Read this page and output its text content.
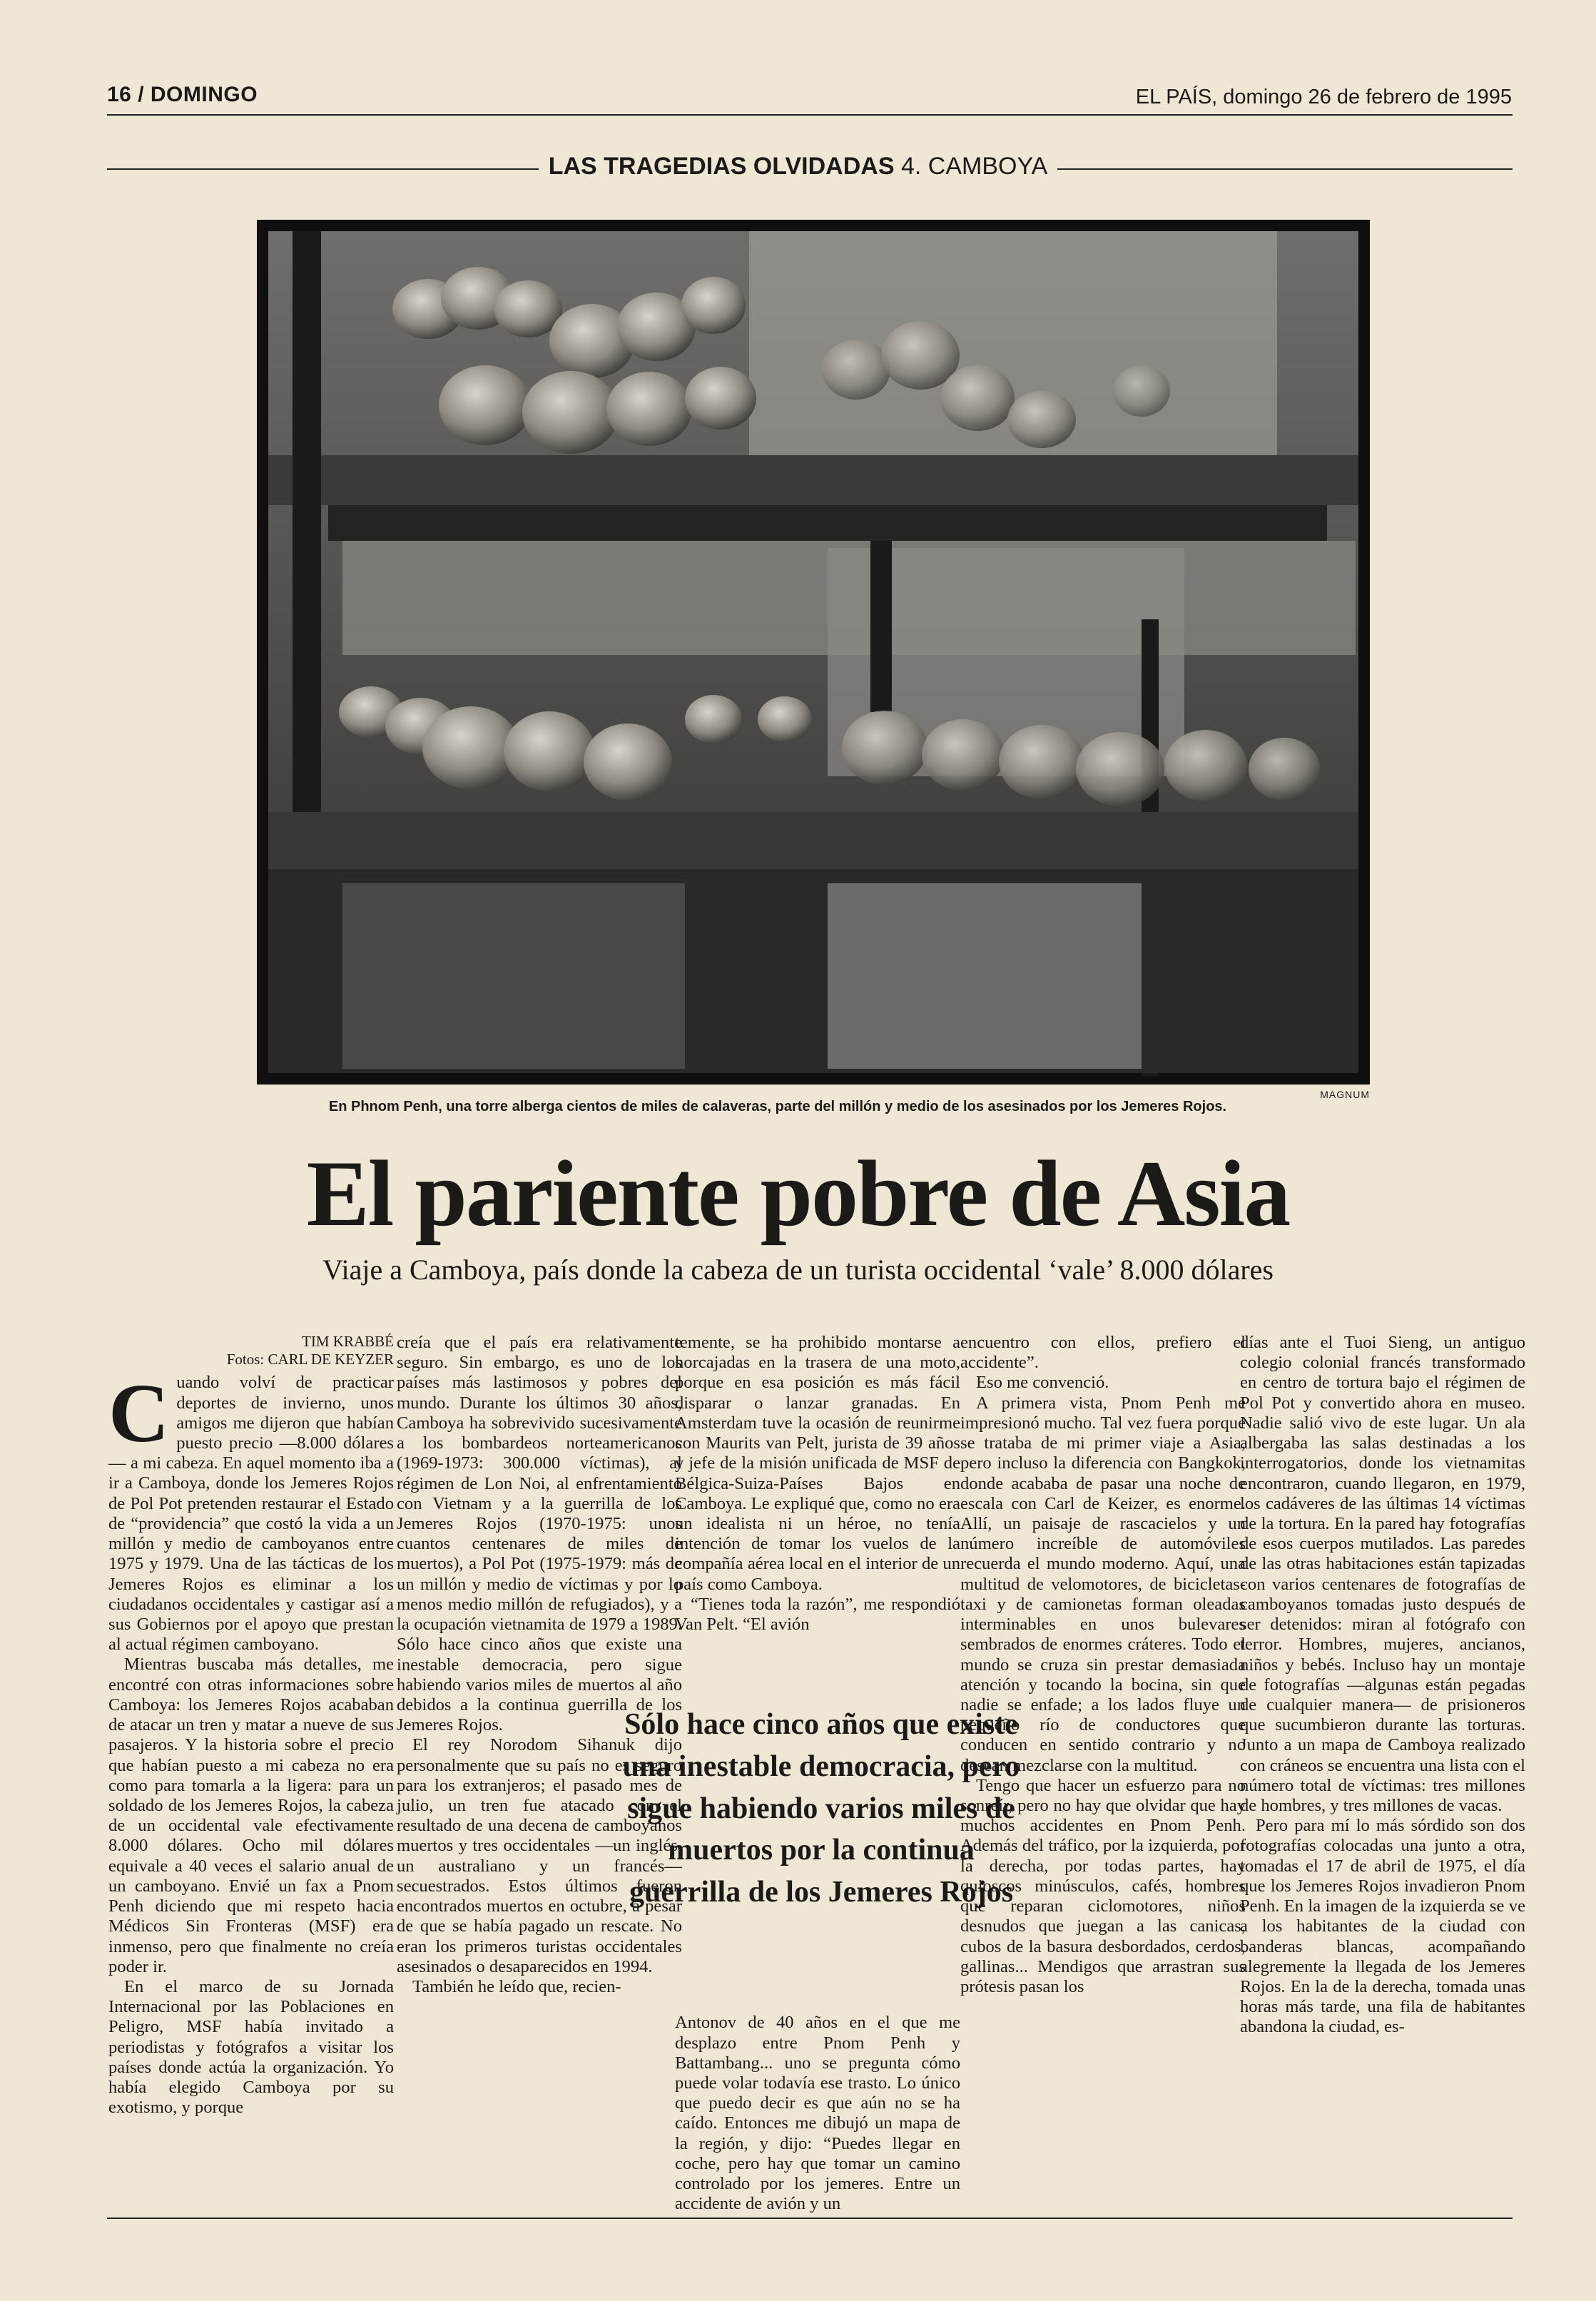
16 / DOMINGO	EL PAÍS, domingo 26 de febrero de 1995
LAS TRAGEDIAS OLVIDADAS 4. CAMBOYA
MAGNUM
En Phnom Penh, una torre alberga cientos de miles de calaveras, parte del millón y medio de los asesinados por los Jemeres Rojos.
El pariente pobre de Asia
Viaje a Camboya, país donde la cabeza de un turista occidental ‘vale’ 8.000 dólares
TIM KRABBÉ
Fotos: CARL DE KEYZER

Cuando volví de practicar deportes de invierno, unos amigos me dijeron que habían puesto precio —8.000 dólares— a mi cabeza. En aquel momento iba a ir a Camboya, donde los Jemeres Rojos de Pol Pot pretenden restaurar el Estado de “providencia” que costó la vida a un millón y medio de camboyanos entre 1975 y 1979. Una de las tácticas de los Jemeres Rojos es eliminar a los ciudadanos occidentales y castigar así a sus Gobiernos por el apoyo que prestan al actual régimen camboyano.

Mientras buscaba más detalles, me encontré con otras informaciones sobre Camboya: los Jemeres Rojos acababan de atacar un tren y matar a nueve de sus pasajeros. Y la historia sobre el precio que habían puesto a mi cabeza no era como para tomarla a la ligera: para un soldado de los Jemeres Rojos, la cabeza de un occidental vale efectivamente 8.000 dólares. Ocho mil dólares equivale a 40 veces el salario anual de un camboyano. Envié un fax a Pnom Penh diciendo que mi respeto hacia Médicos Sin Fronteras (MSF) era inmenso, pero que finalmente no creía poder ir.

En el marco de su Jornada Internacional por las Poblaciones en Peligro, MSF había invitado a periodistas y fotógrafos a visitar los países donde actúa la organización. Yo había elegido Camboya por su exotismo, y porque

creía que el país era relativamente seguro. Sin embargo, es uno de los países más lastimosos y pobres del mundo. Durante los últimos 30 años, Camboya ha sobrevivido sucesivamente a los bombardeos norteamericanos (1969-1973: 300.000 víctimas), al régimen de Lon Noi, al enfrentamiento con Vietnam y a la guerrilla de los Jemeres Rojos (1970-1975: unos cuantos centenares de miles de muertos), a Pol Pot (1975-1979: más de un millón y medio de víctimas y por lo menos medio millón de refugiados), y a la ocupación vietnamita de 1979 a 1989. Sólo hace cinco años que existe una inestable democracia, pero sigue habiendo varios miles de muertos al año debidos a la continua guerrilla de los Jemeres Rojos.

El rey Norodom Sihanuk dijo personalmente que su país no es seguro para los extranjeros; el pasado mes de julio, un tren fue atacado con el resultado de una decena de camboyanos muertos y tres occidentales —un inglés, un australiano y un francés— secuestrados. Estos últimos fueron encontrados muertos en octubre, a pesar de que se había pagado un rescate. No eran los primeros turistas occidentales asesinados o desaparecidos en 1994.

También he leído que, recien-

temente, se ha prohibido montarse a horcajadas en la trasera de una moto, porque en esa posición es más fácil disparar o lanzar granadas. En Amsterdam tuve la ocasión de reunirme con Maurits van Pelt, jurista de 39 años y jefe de la misión unificada de MSF de Bélgica-Suiza-Países Bajos en Camboya. Le expliqué que, como no era un idealista ni un héroe, no tenía intención de tomar los vuelos de la compañía aérea local en el interior de un país como Camboya.

“Tienes toda la razón”, me respondió Van Pelt. “El avión

Antonov de 40 años en el que me desplazo entre Pnom Penh y Battambang... uno se pregunta cómo puede volar todavía ese trasto. Lo único que puedo decir es que aún no se ha caído. Entonces me dibujó un mapa de la región, y dijo: “Puedes llegar en coche, pero hay que tomar un camino controlado por los jemeres. Entre un accidente de avión y un

encuentro con ellos, prefiero el accidente”.

Eso me convenció.

A primera vista, Pnom Penh me impresionó mucho. Tal vez fuera porque se trataba de mi primer viaje a Asia, pero incluso la diferencia con Bangkok, donde acababa de pasar una noche de escala con Carl de Keizer, es enorme. Allí, un paisaje de rascacielos y un número increíble de automóviles recuerda el mundo moderno. Aquí, una multitud de velomotores, de bicicletas-taxi y de camionetas forman oleadas interminables en unos bulevares sembrados de enormes cráteres. Todo el mundo se cruza sin prestar demasiada atención y tocando la bocina, sin que nadie se enfade; a los lados fluye un pequeño río de conductores que conducen en sentido contrario y no desean mezclarse con la multitud.

Tengo que hacer un esfuerzo para no sonreír, pero no hay que olvidar que hay muchos accidentes en Pnom Penh. Además del tráfico, por la izquierda, por la derecha, por todas partes, hay quioscos minúsculos, cafés, hombres que reparan ciclomotores, niños desnudos que juegan a las canicas, cubos de la basura desbordados, cerdos, gallinas... Mendigos que arrastran sus prótesis pasan los

días ante el Tuoi Sieng, un antiguo colegio colonial francés transformado en centro de tortura bajo el régimen de Pol Pot y convertido ahora en museo. Nadie salió vivo de este lugar. Un ala albergaba las salas destinadas a los interrogatorios, donde los vietnamitas encontraron, cuando llegaron, en 1979, los cadáveres de las últimas 14 víctimas de la tortura. En la pared hay fotografías de esos cuerpos mutilados. Las paredes de las otras habitaciones están tapizadas con varios centenares de fotografías de camboyanos tomadas justo después de ser detenidos: miran al fotógrafo con terror. Hombres, mujeres, ancianos, niños y bebés. Incluso hay un montaje de fotografías —algunas están pegadas de cualquier manera— de prisioneros que sucumbieron durante las torturas. Junto a un mapa de Camboya realizado con cráneos se encuentra una lista con el número total de víctimas: tres millones de hombres, y tres millones de vacas.

Pero para mí lo más sórdido son dos fotografías colocadas una junto a otra, tomadas el 17 de abril de 1975, el día que los Jemeres Rojos invadieron Pnom Penh. En la imagen de la izquierda se ve a los habitantes de la ciudad con banderas blancas, acompañando alegremente la llegada de los Jemeres Rojos. En la de la derecha, tomada unas horas más tarde, una fila de habitantes abandona la ciudad, es-

Sólo hace cinco años que existe una inestable democracia, pero sigue habiendo varios miles de muertos por la continua guerrilla de los Jemeres Rojos
